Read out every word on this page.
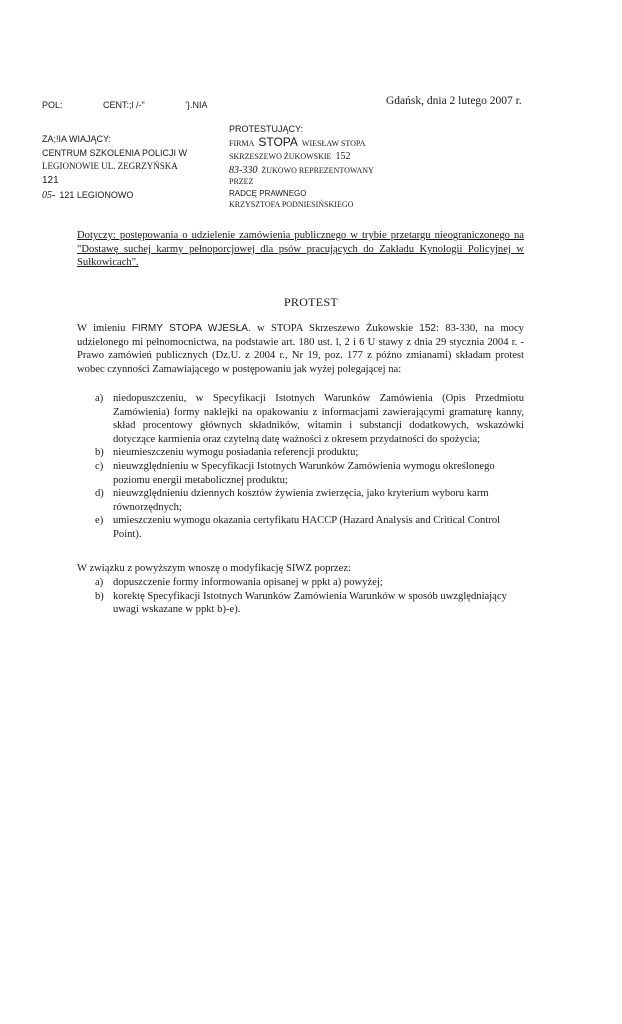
POL:	CENT:;l /-"	'}.NIA	Gdańsk, dnia 2 lutego 2007 r.
ZA;!IA WIAJĄCY:
CENTRUM SZKOLENIA POLICJI W
LEGIONOWIE UL. ZEGRZYŃSKA
121
05- 121 LEGIONOWO
PROTESTUJĄCY:
FIRMA STOPA WIESŁAW STOPA
SKRZESZEWO ŻUKOWSKIE 152
83-330 ŻUKOWO REPREZENTOWANY
PRZEZ
RADCĘ PRAWNEGO
KRZYSZTOFA PODNIESIŃSKIEGO
Dotyczy: postępowania o udzielenie zamówienia publicznego w trybie przetargu nieograniczonego na "Dostawę suchej karmy pełnoporcjowej dla psów pracujących do Zakładu Kynologii Policyjnej w Sułkowicach".
PROTEST
W imieniu FIRMY STOPA WJESŁA. w STOPA Skrzeszewo Żukowskie 152: 83-330, na mocy udzielonego mi pełnomocnictwa, na podstawie art. 180 ust. l, 2 i 6 U stawy z dnia 29 stycznia 2004 r. - Prawo zamówień publicznych (Dz.U. z 2004 r., Nr 19, poz. 177 z późno zmianami) składam protest wobec czynności Zamawiającego w postępowaniu jak wyżej polegającej na:
a) niedopuszczeniu, w Specyfikacji Istotnych Warunków Zamówienia (Opis Przedmiotu Zamówienia) formy naklejki na opakowaniu z informacjami zawierającymi gramaturę kanny, skład procentowy głównych składników, witamin i substancji dodatkowych, wskazówki dotyczące karmienia oraz czytelną datę ważności z okresem przydatności do spożycia;
b) nieumieszczeniu wymogu posiadania referencji produktu;
c) nieuwzględnieniu w Specyfikacji Istotnych Warunków Zamówienia wymogu określonego poziomu energii metabolicznej produktu;
d) nieuwzględnieniu dziennych kosztów żywienia zwierzęcia, jako kryterium wyboru karm równorzędnych;
e) umieszczeniu wymogu okazania certyfikatu HACCP (Hazard Analysis and Critical Control Point).
W związku z powyższym wnoszę o modyfikację SIWZ poprzez:
a) dopuszczenie formy informowania opisanej w ppkt a) powyżej;
b) korektę Specyfikacji Istotnych Warunków Zamówienia Warunków w sposób uwzględniający uwagi wskazane w ppkt b)-e).
